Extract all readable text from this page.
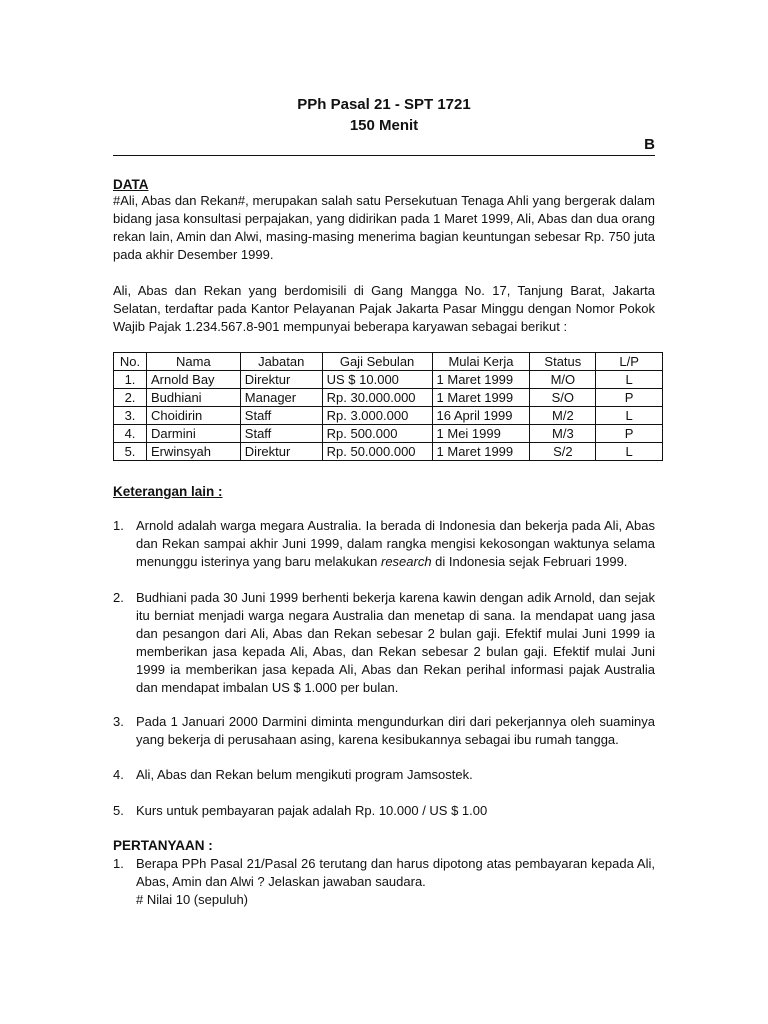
PPh Pasal 21 - SPT 1721
150 Menit
B
DATA
#Ali, Abas dan Rekan#, merupakan salah satu Persekutuan Tenaga Ahli yang bergerak dalam bidang jasa konsultasi perpajakan, yang didirikan pada 1 Maret 1999, Ali, Abas dan dua orang rekan lain, Amin dan Alwi, masing-masing menerima bagian keuntungan sebesar Rp. 750 juta pada akhir Desember 1999.
Ali, Abas dan Rekan yang berdomisili di Gang Mangga No. 17, Tanjung Barat, Jakarta Selatan, terdaftar pada Kantor Pelayanan Pajak Jakarta Pasar Minggu dengan Nomor Pokok Wajib Pajak 1.234.567.8-901 mempunyai beberapa karyawan sebagai berikut :
No.	Nama	Jabatan	Gaji Sebulan	Mulai Kerja	Status	L/P
1.	Arnold Bay	Direktur	US $ 10.000	1 Maret 1999	M/O	L
2.	Budhiani	Manager	Rp. 30.000.000	1 Maret 1999	S/O	P
3.	Choidirin	Staff	Rp. 3.000.000	16 April 1999	M/2	L
4.	Darmini	Staff	Rp. 500.000	1 Mei 1999	M/3	P
5.	Erwinsyah	Direktur	Rp. 50.000.000	1 Maret 1999	S/2	L
Keterangan lain :
1. Arnold adalah warga megara Australia. Ia berada di Indonesia dan bekerja pada Ali, Abas dan Rekan sampai akhir Juni 1999, dalam rangka mengisi kekosongan waktunya selama menunggu isterinya yang baru melakukan research di Indonesia sejak Februari 1999.
2. Budhiani pada 30 Juni 1999 berhenti bekerja karena kawin dengan adik Arnold, dan sejak itu berniat menjadi warga negara Australia dan menetap di sana. Ia mendapat uang jasa dan pesangon dari Ali, Abas dan Rekan sebesar 2 bulan gaji. Efektif mulai Juni 1999 ia memberikan jasa kepada Ali, Abas, dan Rekan sebesar 2 bulan gaji. Efektif mulai Juni 1999 ia memberikan jasa kepada Ali, Abas dan Rekan perihal informasi pajak Australia dan mendapat imbalan US $ 1.000 per bulan.
3. Pada 1 Januari 2000 Darmini diminta mengundurkan diri dari pekerjannya oleh suaminya yang bekerja di perusahaan asing, karena kesibukannya sebagai ibu rumah tangga.
4. Ali, Abas dan Rekan belum mengikuti program Jamsostek.
5. Kurs untuk pembayaran pajak adalah Rp. 10.000 / US $ 1.00
PERTANYAAN :
1. Berapa PPh Pasal 21/Pasal 26 terutang dan harus dipotong atas pembayaran kepada Ali, Abas, Amin dan Alwi ? Jelaskan jawaban saudara.
# Nilai 10 (sepuluh)
